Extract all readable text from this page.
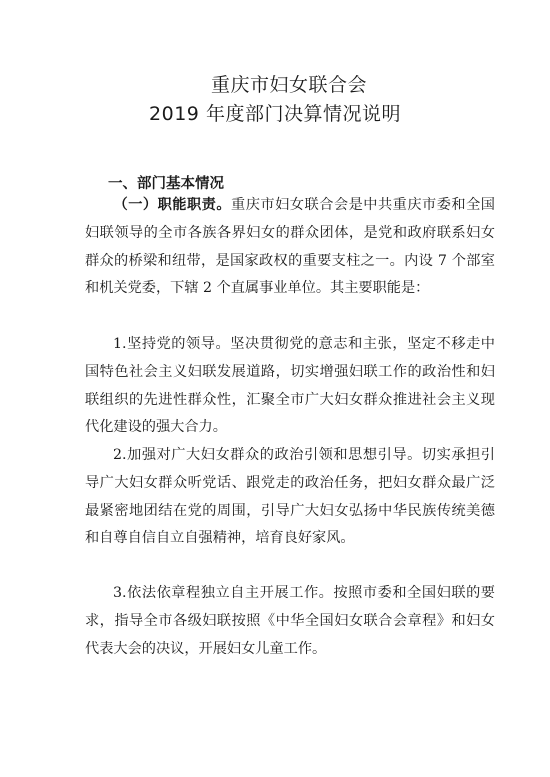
重庆市妇女联合会
2019 年度部门决算情况说明
一、部门基本情况
（一）职能职责。重庆市妇女联合会是中共重庆市委和全国妇联领导的全市各族各界妇女的群众团体，是党和政府联系妇女群众的桥梁和纽带，是国家政权的重要支柱之一。内设 7 个部室和机关党委，下辖 2 个直属事业单位。其主要职能是：
1.坚持党的领导。坚决贯彻党的意志和主张，坚定不移走中国特色社会主义妇联发展道路，切实增强妇联工作的政治性和妇联组织的先进性群众性，汇聚全市广大妇女群众推进社会主义现代化建设的强大合力。
2.加强对广大妇女群众的政治引领和思想引导。切实承担引导广大妇女群众听党话、跟党走的政治任务，把妇女群众最广泛最紧密地团结在党的周围，引导广大妇女弘扬中华民族传统美德和自尊自信自立自强精神，培育良好家风。
3.依法依章程独立自主开展工作。按照市委和全国妇联的要求，指导全市各级妇联按照《中华全国妇女联合会章程》和妇女代表大会的决议，开展妇女儿童工作。
